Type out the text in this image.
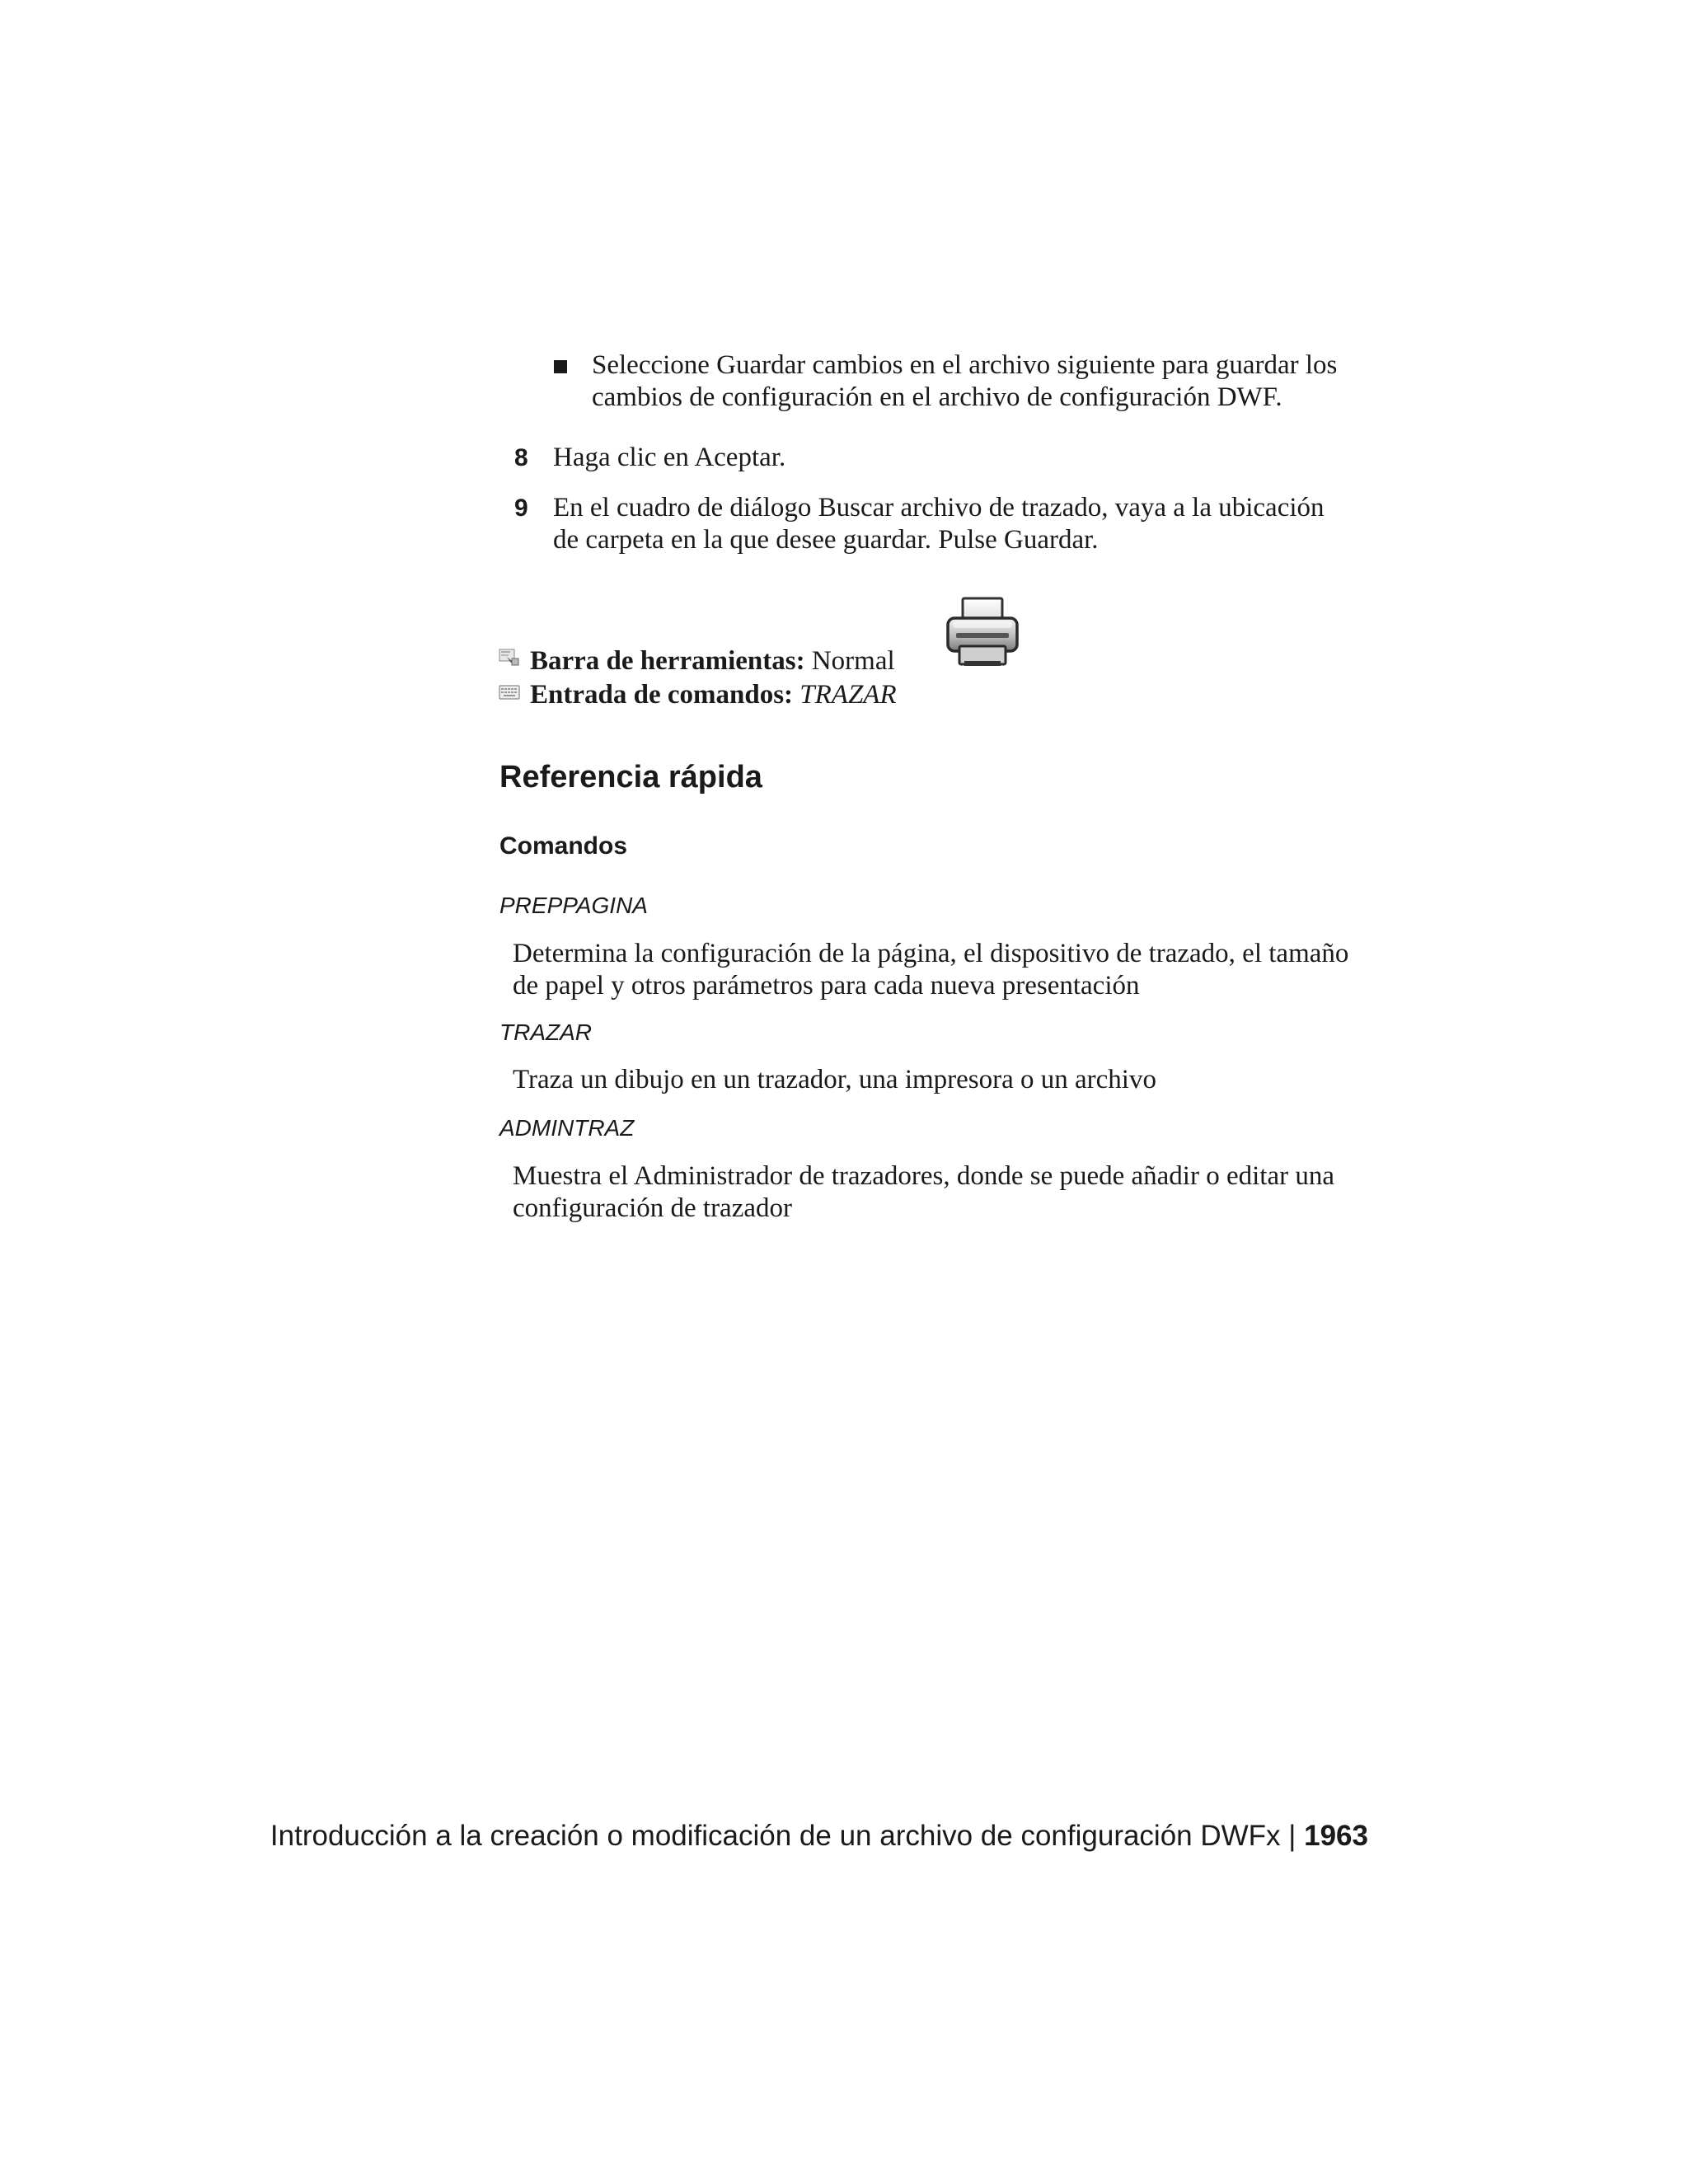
Seleccione Guardar cambios en el archivo siguiente para guardar los
cambios de configuración en el archivo de configuración DWF.
8 Haga clic en Aceptar.
9 En el cuadro de diálogo Buscar archivo de trazado, vaya a la ubicación
de carpeta en la que desee guardar. Pulse Guardar.
Barra de herramientas: Normal
Entrada de comandos: TRAZAR
Referencia rápida
Comandos
PREPPAGINA
Determina la configuración de la página, el dispositivo de trazado, el tamaño
de papel y otros parámetros para cada nueva presentación
TRAZAR
Traza un dibujo en un trazador, una impresora o un archivo
ADMINTRAZ
Muestra el Administrador de trazadores, donde se puede añadir o editar una
configuración de trazador
Introducción a la creación o modificación de un archivo de configuración DWFx | 1963
